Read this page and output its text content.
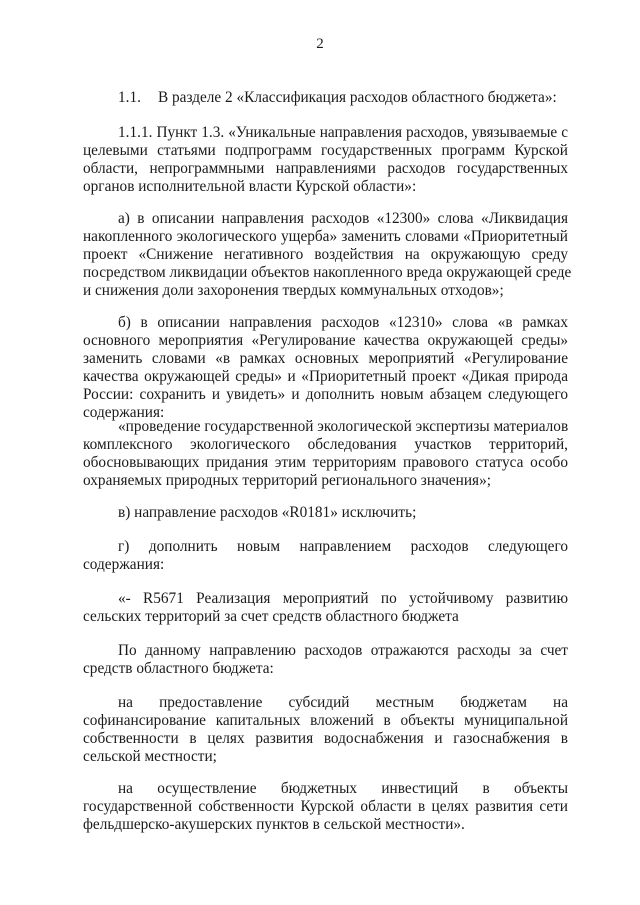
2
1.1. В разделе 2 «Классификация расходов областного бюджета»:
1.1.1. Пункт 1.3. «Уникальные направления расходов, увязываемые с
целевыми статьями подпрограмм государственных программ Курской
области, непрограммными направлениями расходов государственных
органов исполнительной власти Курской области»:
а) в описании направления расходов «12300» слова «Ликвидация
накопленного экологического ущерба» заменить словами «Приоритетный
проект «Снижение негативного воздействия на окружающую среду
посредством ликвидации объектов накопленного вреда окружающей среде
и снижения доли захоронения твердых коммунальных отходов»;
б) в описании направления расходов «12310» слова «в рамках
основного мероприятия «Регулирование качества окружающей среды»
заменить словами «в рамках основных мероприятий «Регулирование
качества окружающей среды» и «Приоритетный проект «Дикая природа
России: сохранить и увидеть» и дополнить новым абзацем следующего
содержания:
«проведение государственной экологической экспертизы материалов
комплексного экологического обследования участков территорий,
обосновывающих придания этим территориям правового статуса особо
охраняемых природных территорий регионального значения»;
в) направление расходов «R0181» исключить;
г) дополнить новым направлением расходов следующего
содержания:
«- R5671 Реализация мероприятий по устойчивому развитию
сельских территорий за счет средств областного бюджета
По данному направлению расходов отражаются расходы за счет
средств областного бюджета:
на предоставление субсидий местным бюджетам на
софинансирование капитальных вложений в объекты муниципальной
собственности в целях развития водоснабжения и газоснабжения в
сельской местности;
на осуществление бюджетных инвестиций в объекты
государственной собственности Курской области в целях развития сети
фельдшерско-акушерских пунктов в сельской местности».
